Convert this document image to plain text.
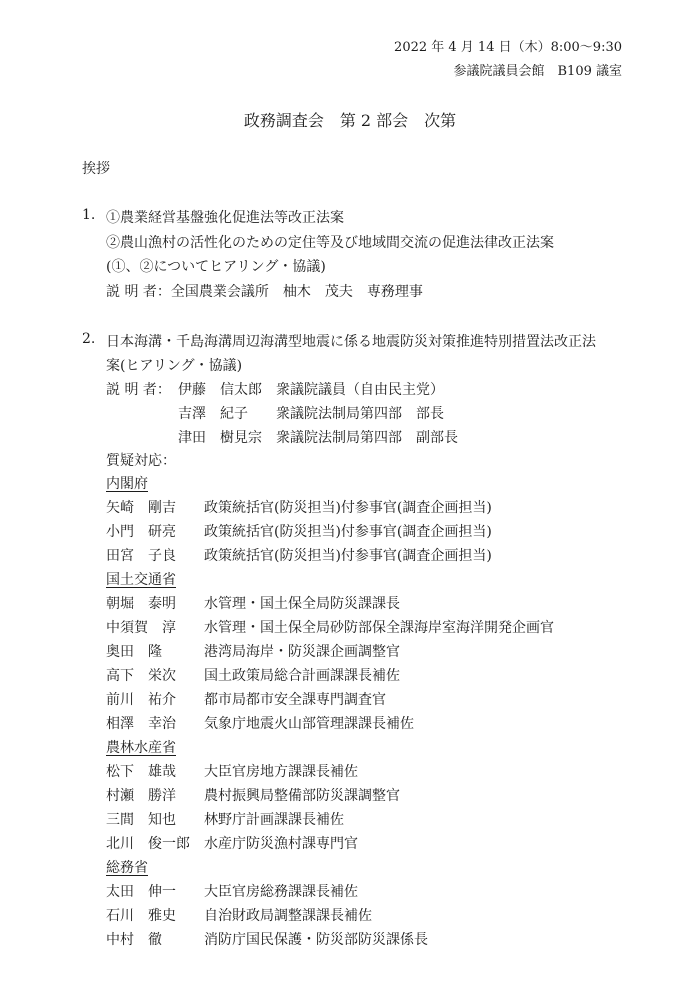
2022 年 4 月 14 日（木）8:00〜9:30
参議院議員会館　B109 議室
政務調査会　第 2 部会　次第
挨拶
1. ①農業経営基盤強化促進法等改正法案
②農山漁村の活性化のための定住等及び地域間交流の促進法律改正法案
(①、②についてヒアリング・協議)
説 明 者：全国農業会議所　柚木　茂夫　専務理事
2. 日本海溝・千島海溝周辺海溝型地震に係る地震防災対策推進特別措置法改正法
案(ヒアリング・協議)
説 明 者： 伊藤　信太郎　衆議院議員（自由民主党）
吉澤　紀子　　衆議院法制局第四部　部長
津田　樹見宗　衆議院法制局第四部　副部長
質疑対応：
内閣府
矢崎　剛吉 政策統括官(防災担当)付参事官(調査企画担当)
小門　研亮 政策統括官(防災担当)付参事官(調査企画担当)
田宮　子良 政策統括官(防災担当)付参事官(調査企画担当)
国土交通省
朝堀　泰明 水管理・国土保全局防災課課長
中須賀　淳 水管理・国土保全局砂防部保全課海岸室海洋開発企画官
奥田　隆	港湾局海岸・防災課企画調整官
高下　栄次 国土政策局総合計画課課長補佐
前川　祐介 都市局都市安全課専門調査官
相澤　幸治 気象庁地震火山部管理課課長補佐
農林水産省
松下　雄哉 大臣官房地方課課長補佐
村瀬　勝洋 農村振興局整備部防災課調整官
三間　知也 林野庁計画課課長補佐
北川　俊一郎 水産庁防災漁村課専門官
総務省
太田　伸一 大臣官房総務課課長補佐
石川　雅史 自治財政局調整課課長補佐
中村　徹	消防庁国民保護・防災部防災課係長
